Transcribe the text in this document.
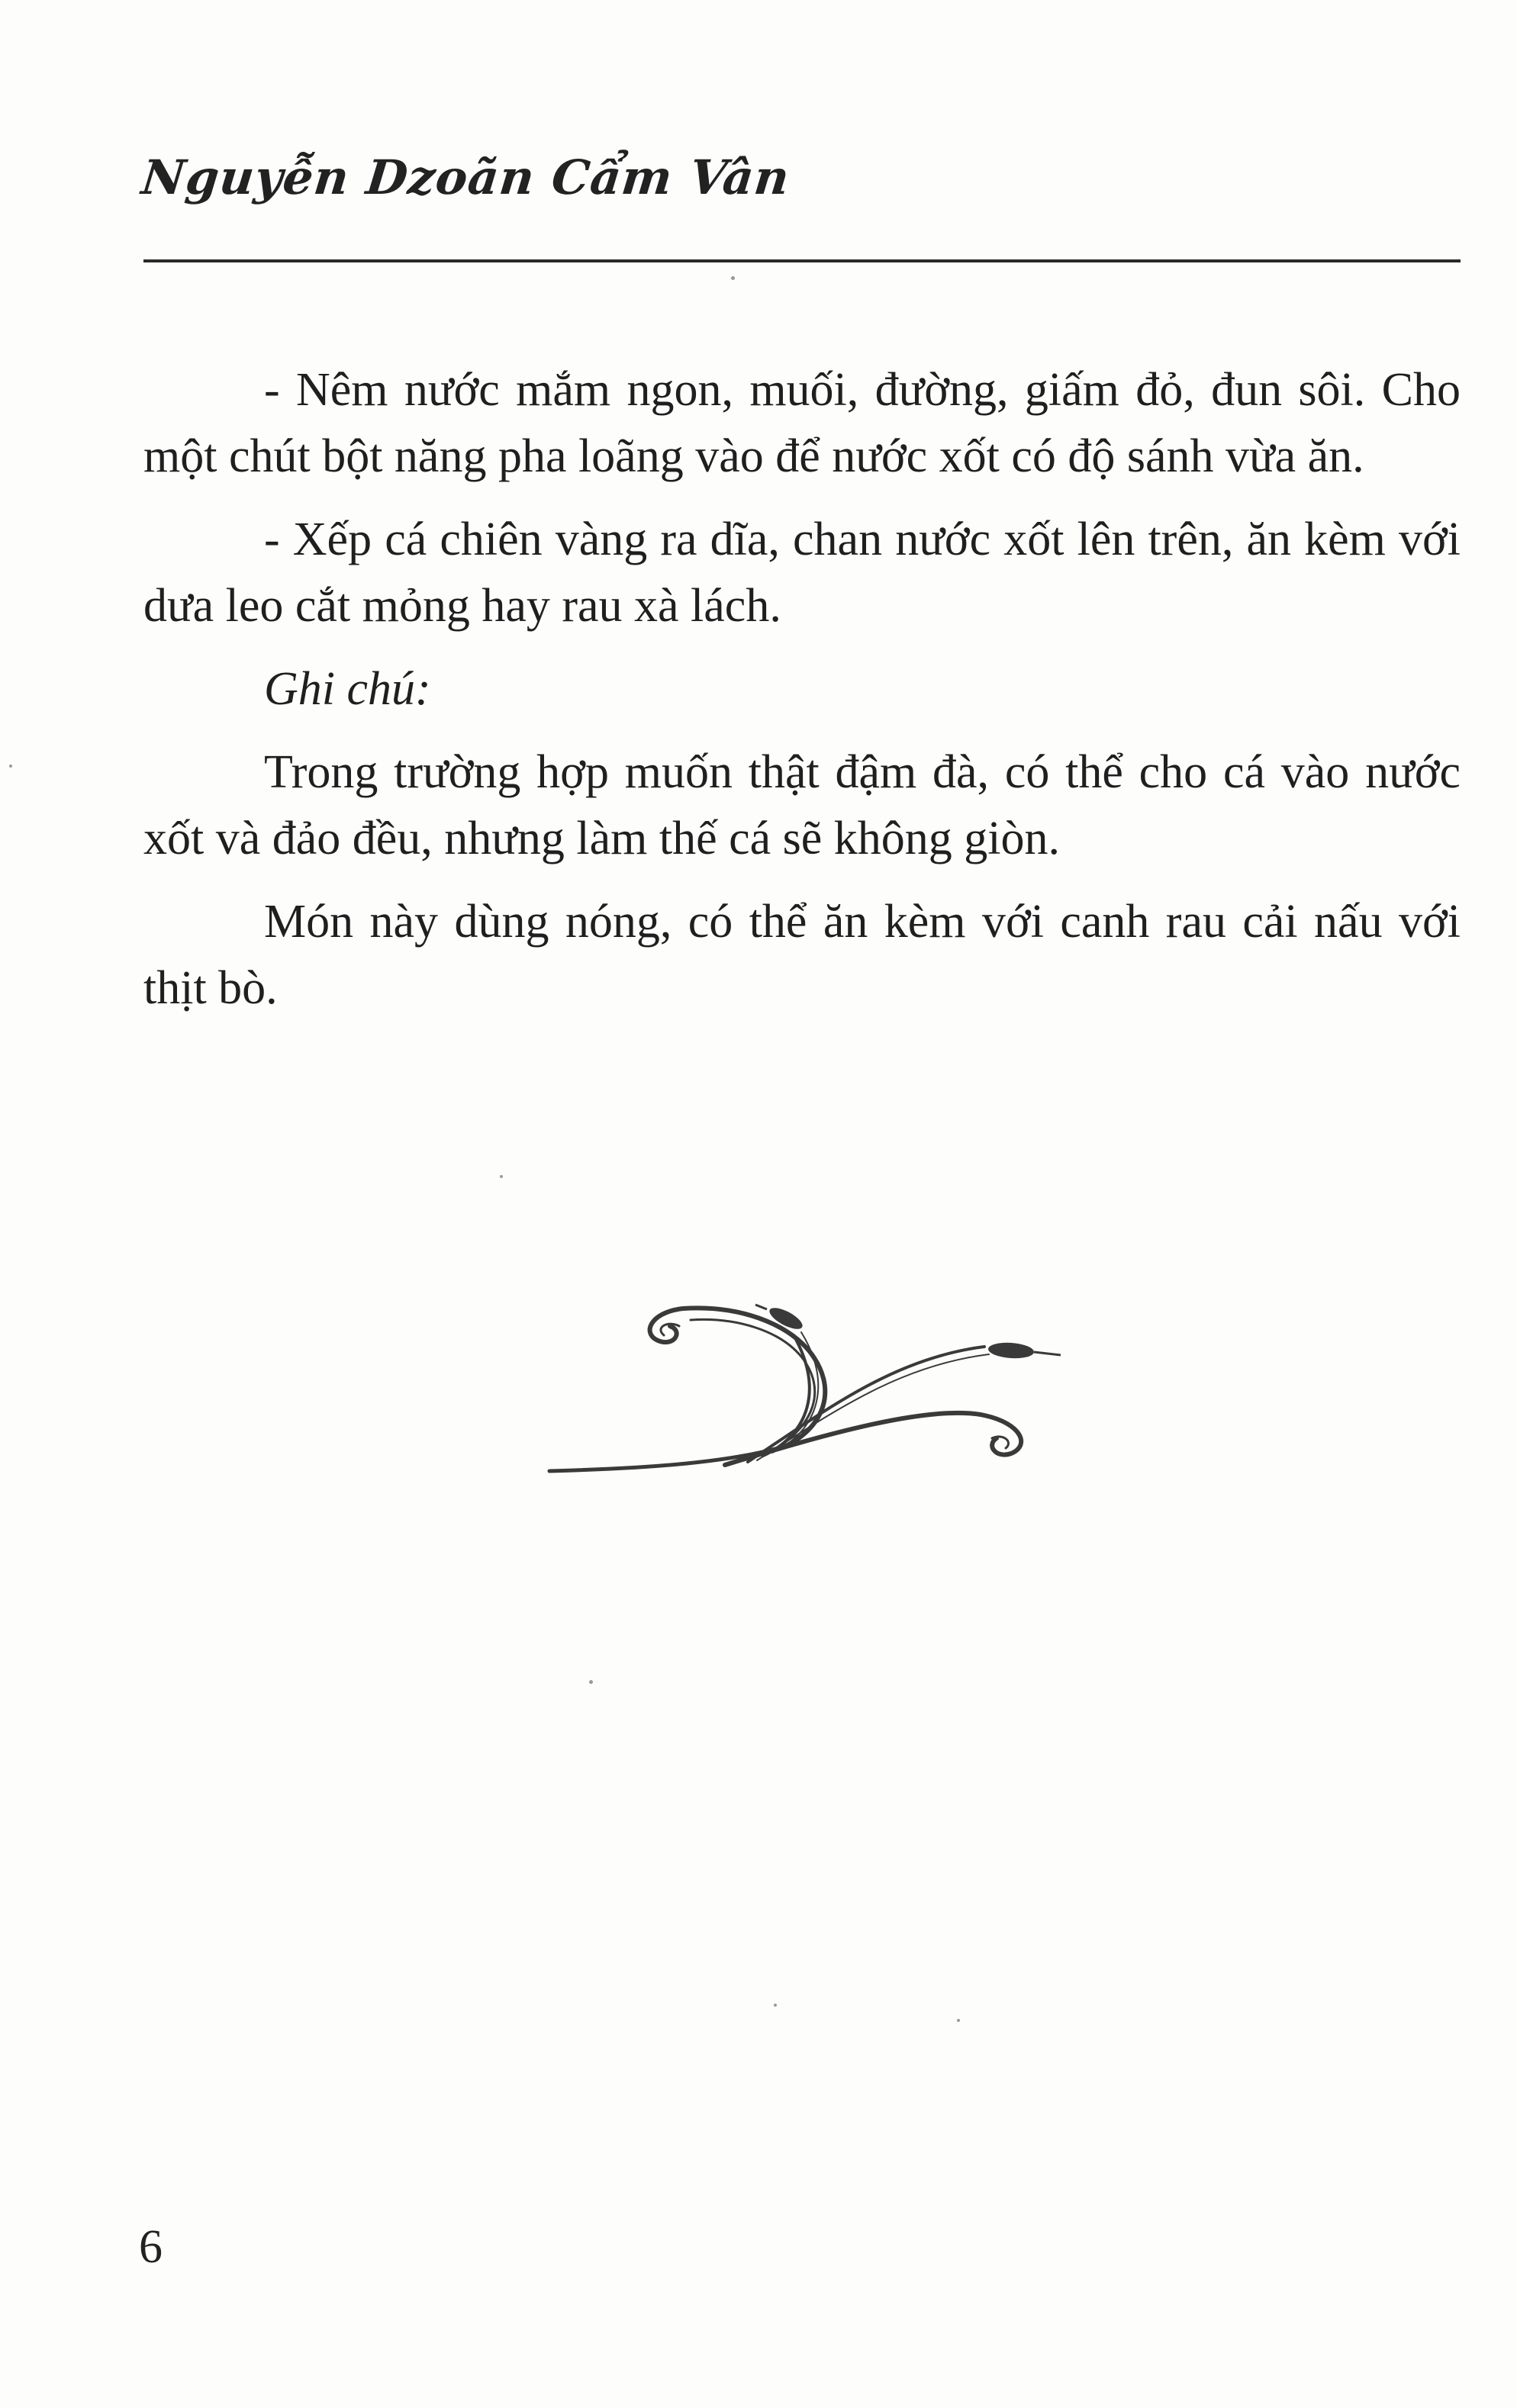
Nguyễn Dzoãn Cẩm Vân

- Nêm nước mắm ngon, muối, đường, giấm đỏ, đun sôi. Cho một chút bột năng pha loãng vào để nước xốt có độ sánh vừa ăn.

- Xếp cá chiên vàng ra dĩa, chan nước xốt lên trên, ăn kèm với dưa leo cắt mỏng hay rau xà lách.

Ghi chú:

Trong trường hợp muốn thật đậm đà, có thể cho cá vào nước xốt và đảo đều, nhưng làm thế cá sẽ không giòn.

Món này dùng nóng, có thể ăn kèm với canh rau cải nấu với thịt bò.

6
